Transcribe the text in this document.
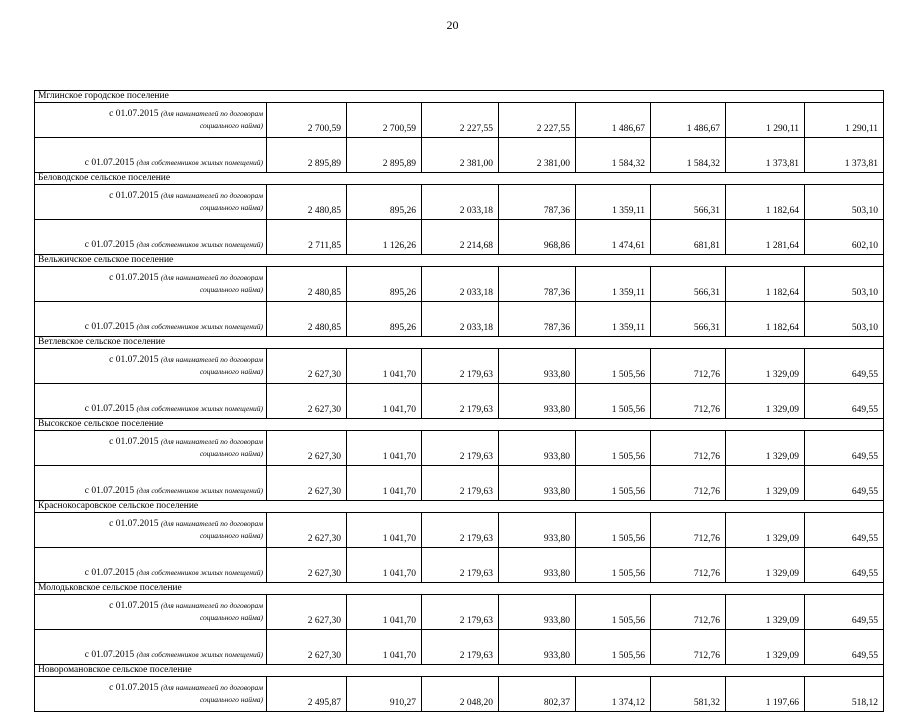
20
Мглинское городское поселение								

с 01.07.2015 (для нанимателей по договорам
социального найма)	2 700,59	2 700,59	2 227,55	2 227,55	1 486,67	1 486,67	1 290,11	1 290,11

с 01.07.2015 (для собственников жилых помещений)	2 895,89	2 895,89	2 381,00	2 381,00	1 584,32	1 584,32	1 373,81	1 373,81
Беловодское сельское поселение								

с 01.07.2015 (для нанимателей по договорам
социального найма)	2 480,85	895,26	2 033,18	787,36	1 359,11	566,31	1 182,64	503,10

с 01.07.2015 (для собственников жилых помещений)	2 711,85	1 126,26	2 214,68	968,86	1 474,61	681,81	1 281,64	602,10
Вельжичское сельское поселение								

с 01.07.2015 (для нанимателей по договорам
социального найма)	2 480,85	895,26	2 033,18	787,36	1 359,11	566,31	1 182,64	503,10

с 01.07.2015 (для собственников жилых помещений)	2 480,85	895,26	2 033,18	787,36	1 359,11	566,31	1 182,64	503,10
Ветлевское сельское поселение								

с 01.07.2015 (для нанимателей по договорам
социального найма)	2 627,30	1 041,70	2 179,63	933,80	1 505,56	712,76	1 329,09	649,55

с 01.07.2015 (для собственников жилых помещений)	2 627,30	1 041,70	2 179,63	933,80	1 505,56	712,76	1 329,09	649,55
Высокское сельское поселение								

с 01.07.2015 (для нанимателей по договорам
социального найма)	2 627,30	1 041,70	2 179,63	933,80	1 505,56	712,76	1 329,09	649,55

с 01.07.2015 (для собственников жилых помещений)	2 627,30	1 041,70	2 179,63	933,80	1 505,56	712,76	1 329,09	649,55
Краснокосаровское сельское поселение								

с 01.07.2015 (для нанимателей по договорам
социального найма)	2 627,30	1 041,70	2 179,63	933,80	1 505,56	712,76	1 329,09	649,55

с 01.07.2015 (для собственников жилых помещений)	2 627,30	1 041,70	2 179,63	933,80	1 505,56	712,76	1 329,09	649,55
Молодьковское сельское поселение								

с 01.07.2015 (для нанимателей по договорам
социального найма)	2 627,30	1 041,70	2 179,63	933,80	1 505,56	712,76	1 329,09	649,55

с 01.07.2015 (для собственников жилых помещений)	2 627,30	1 041,70	2 179,63	933,80	1 505,56	712,76	1 329,09	649,55
Новоромановское сельское поселение								

с 01.07.2015 (для нанимателей по договорам
социального найма)	2 495,87	910,27	2 048,20	802,37	1 374,12	581,32	1 197,66	518,12
